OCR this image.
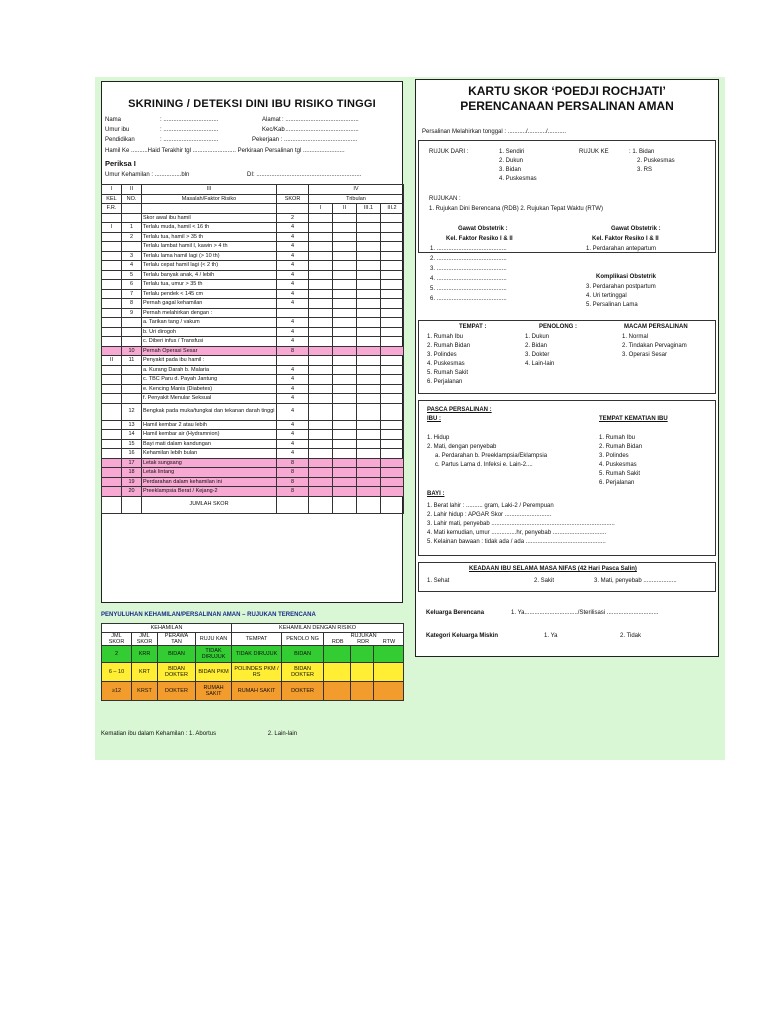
SKRINING / DETEKSI DINI IBU RISIKO TINGGI
Nama	: .................................	Alamat : ............................................
Umur ibu	: .................................	Kec/Kab
: ............................................
Pendidikan	: .................................	Pekerjaan : ............................................
Hamil Ke ..........Haid Terakhir tgl .......................... Perkiraan Persalinan tgl .........................
Periksa I
Umur Kehamilan : ................bln	DI: ...............................................................
I	II	III		IV			
KEL	NO.	Masalah/Faktor Risiko	SKOR	Tribulan			
F.R.				I	II	III.1	III.2
		Skor awal ibu hamil	2				
I	1	Terlalu muda, hamil < 16 th	4				
	2	Terlalu tua, hamil > 35 th	4				
		Terlalu lambat hamil I, kawin > 4 th	4				
	3	Terlalu lama hamil lagi (> 10 th)	4				
	4	Terlalu cepat hamil lagi (< 2 th)	4				
	5	Terlalu banyak anak, 4 / lebih	4				
	6	Terlalu tua, umur > 35 th	4				
	7	Terlalu pendek < 145 cm	4				
	8	Pernah gagal kehamilan	4				
	9	Pernah melahirkan dengan :					
		a. Tarikan tang / vakum	4				
		b. Uri dirogoh	4				
		c. Diberi infus / Transfusi	4				
	10	Pernah Operasi Sesar	8				
II	11	Penyakit pada ibu hamil :					
		a. Kurang Darah b. Malaria	4				
		c. TBC Paru d. Payah Jantung	4				
		e. Kencing Manis (Diabetes)	4				
		f. Penyakit Menular Seksual	4				
	12	Bengkak pada muka/tungkai dan tekanan darah tinggi	4				
	13	Hamil kembar 2 atau lebih	4				
	14	Hamil kembar air (Hydramnion)	4				
	15	Bayi mati dalam kandungan	4				
	16	Kehamilan lebih bulan	4				
	17	Letak sungsang	8				
	18	Letak lintang	8				
	19	Perdarahan dalam kehamilan ini	8				
	20	Preeklampsia Berat / Kejang-2	8				
		JUMLAH SKOR					
PENYULUHAN KEHAMILAN/PERSALINAN AMAN – RUJUKAN TERENCANA
KEHAMILAN				KEHAMILAN DENGAN RISIKO				
JML SKOR	JML SKOR	PERAWA TAN	RUJU KAN	TEMPAT	PENOLO NG	RUJUKAN
RDB RDR RTW		

2	KRR	BIDAN	TIDAK DIRUJUK	TIDAK DIRUJUK	BIDAN			
6 – 10	KRT	BIDAN DOKTER	BIDAN PKM	POLINDES PKM / RS	BIDAN DOKTER			
≥12	KRST	DOKTER	RUMAH SAKIT	RUMAH SAKIT	DOKTER			
Kematian ibu dalam Kehamilan : 1. Abortus	2. Lain-lain
KARTU SKOR ‘POEDJI ROCHJATI’
PERENCANAAN PERSALINAN AMAN
Persalinan Melahirkan tonggal : .........../.........../...........
RUJUK DARI :	1. Sendiri
2. Dukun
3. Bidan
4. Puskesmas
RUJUK KE	: 1. Bidan
2. Puskesmas
3. RS
RUJUKAN :
1. Rujukan Dini Berencana (RDB) 2. Rujukan Tepat Waktu (RTW)
Gawat Obstetrik :
Kel. Faktor Resiko I & II
1. ..........................................
2. ..........................................
3. ..........................................
4. ..........................................
5. ..........................................
6. ..........................................
Gawat Obstetrik :
Kel. Faktor Resiko I & II
1. Perdarahan antepartum
Komplikasi Obstetrik
3. Perdarahan postpartum
4. Uri tertinggal
5. Persalinan Lama
TEMPAT :
1. Rumah Ibu
2. Rumah Bidan
3. Polindes
4. Puskesmas
5. Rumah Sakit
6. Perjalanan
PENOLONG :
1. Dukun
2. Bidan
3. Dokter
4. Lain-lain
MACAM PERSALINAN
1. Normal
2. Tindakan Pervaginam
3. Operasi Sesar
PASCA PERSALINAN :
IBU :	TEMPAT KEMATIAN IBU
1. Hidup
2. Mati, dengan penyebab
a. Perdarahan b. Preeklampsia/Eklampsia
c. Partus Lama d. Infeksi e. Lain-2....
1. Rumah Ibu
2. Rumah Bidan
3. Polindes
4. Puskesmas
5. Rumah Sakit
6. Perjalanan
BAYI :
1. Berat lahir : .......... gram, Laki-2 / Perempuan
2. Lahir hidup : APGAR Skor ............................
3. Lahir mati, penyebab ..........................................................................
4. Mati kemudian, umur ...............hr, penyebab ................................
5. Kelainan bawaan : tidak ada / ada ................................................
KEADAAN IBU SELAMA MASA NIFAS (42 Hari Pasca Salin)
1. Sehat	2. Sakit	3. Mati, penyebab ....................
Keluarga Berencana	1. Ya................................/Sterilisasi ...............................
Kategori Keluarga Miskin	1. Ya	2. Tidak
